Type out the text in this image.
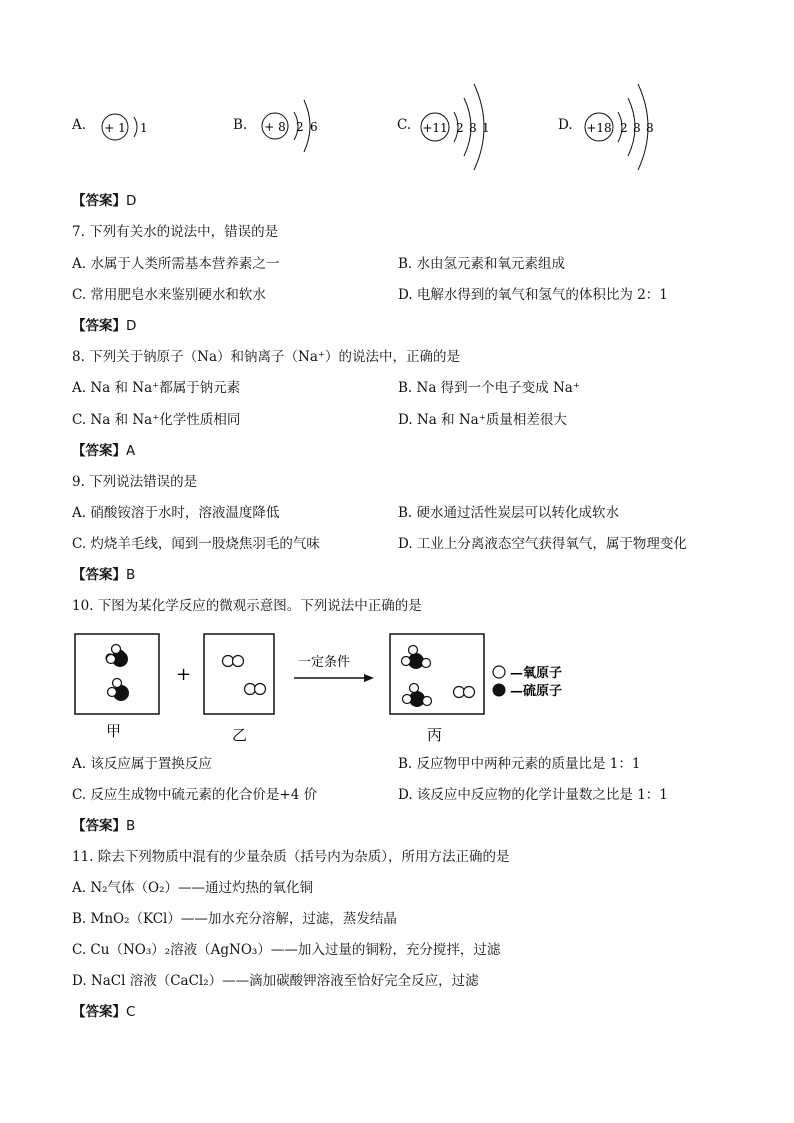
A. + 1 1	B. + 8 2 6	C. +11 2 8 1	D. +18 2 8 8
【答案】D
7. 下列有关水的说法中，错误的是
A. 水属于人类所需基本营养素之一	B. 水由氢元素和氧元素组成
C. 常用肥皂水来鉴别硬水和软水	D. 电解水得到的氧气和氢气的体积比为 2：1
【答案】D
8. 下列关于钠原子（Na）和钠离子（Na⁺）的说法中，正确的是
A. Na 和 Na⁺都属于钠元素	B. Na 得到一个电子变成 Na⁺
C. Na 和 Na⁺化学性质相同	D. Na 和 Na⁺质量相差很大
【答案】A
9. 下列说法错误的是
A. 硝酸铵溶于水时，溶液温度降低	B. 硬水通过活性炭层可以转化成软水
C. 灼烧羊毛线，闻到一股烧焦羽毛的气味	D. 工业上分离液态空气获得氧气，属于物理变化
【答案】B
10. 下图为某化学反应的微观示意图。下列说法中正确的是
+
一定条件
—氧原子
—硫原子
甲	乙	丙
A. 该反应属于置换反应	B. 反应物甲中两种元素的质量比是 1：1
C. 反应生成物中硫元素的化合价是+4 价	D. 该反应中反应物的化学计量数之比是 1：1
【答案】B
11. 除去下列物质中混有的少量杂质（括号内为杂质），所用方法正确的是
A. N₂气体（O₂）——通过灼热的氧化铜
B. MnO₂（KCl）——加水充分溶解，过滤，蒸发结晶
C. Cu（NO₃）₂溶液（AgNO₃）——加入过量的铜粉，充分搅拌，过滤
D. NaCl 溶液（CaCl₂）——滴加碳酸钾溶液至恰好完全反应，过滤
【答案】C
